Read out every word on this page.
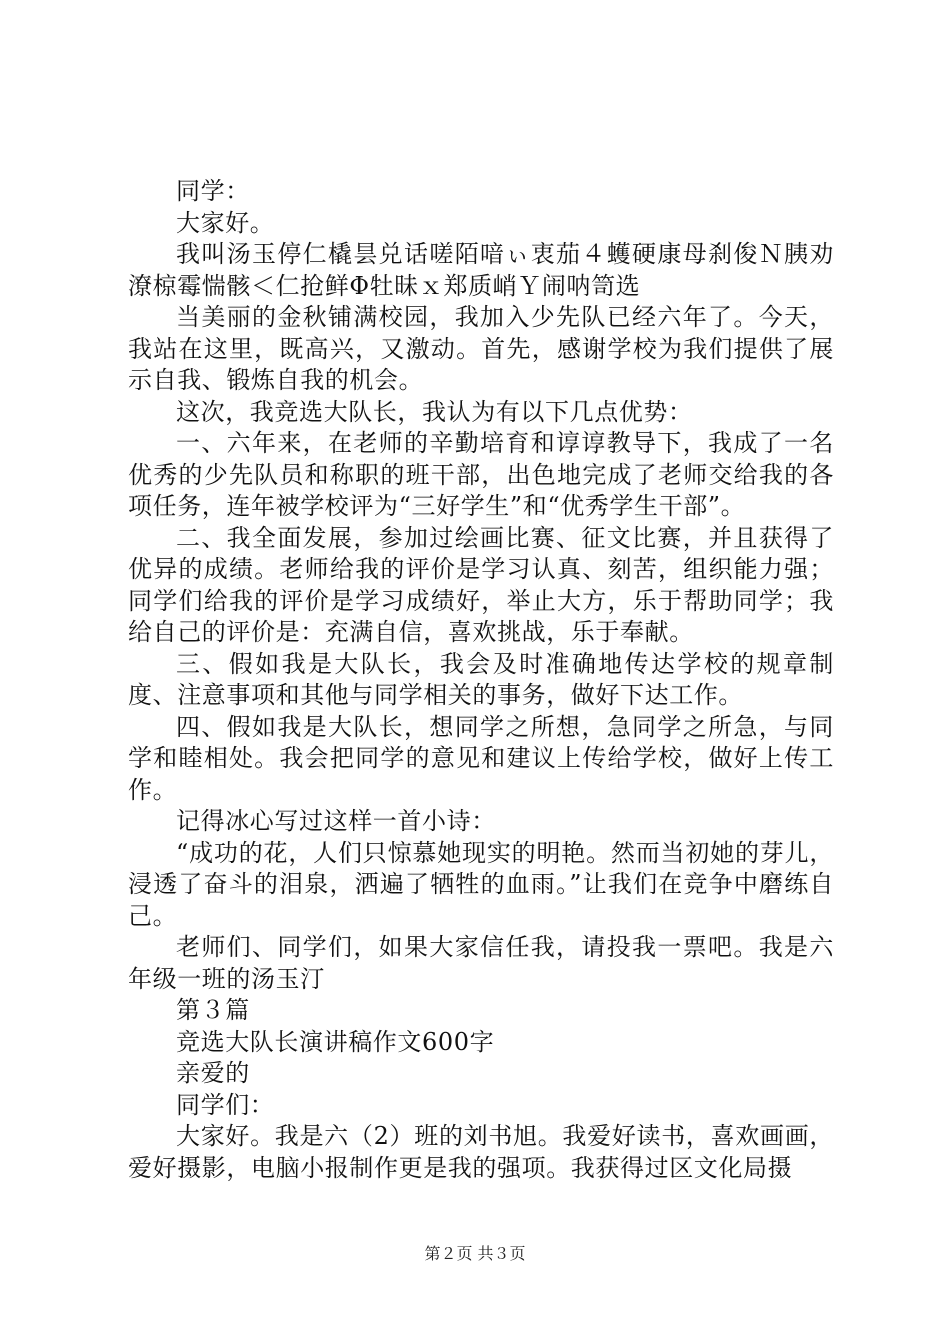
同学：

大家好。

我叫汤玉停仁橇昙兑话嗟陌喑ぃ衷茄４蠖硬康母刹俊Ｎ胰劝潦椋霉惴骸＜仁抢鲜Φ牡昧ｘ郑质峭Ｙ闹呐笥选

当美丽的金秋铺满校园，我加入少先队已经六年了。今天，我站在这里，既高兴，又激动。首先，感谢学校为我们提供了展示自我、锻炼自我的机会。

这次，我竞选大队长，我认为有以下几点优势：

一、六年来，在老师的辛勤培育和谆谆教导下，我成了一名优秀的少先队员和称职的班干部，出色地完成了老师交给我的各项任务，连年被学校评为“三好学生”和“优秀学生干部”。

二、我全面发展，参加过绘画比赛、征文比赛，并且获得了优异的成绩。老师给我的评价是学习认真、刻苦，组织能力强；同学们给我的评价是学习成绩好，举止大方，乐于帮助同学；我给自己的评价是：充满自信，喜欢挑战，乐于奉献。

三、假如我是大队长，我会及时准确地传达学校的规章制度、注意事项和其他与同学相关的事务，做好下达工作。

四、假如我是大队长，想同学之所想，急同学之所急，与同学和睦相处。我会把同学的意见和建议上传给学校，做好上传工作。

记得冰心写过这样一首小诗：

“成功的花，人们只惊慕她现实的明艳。然而当初她的芽儿，浸透了奋斗的泪泉，洒遍了牺牲的血雨。”让我们在竞争中磨练自己。

老师们、同学们，如果大家信任我，请投我一票吧。我是六年级一班的汤玉汀

第３篇

竞选大队长演讲稿作文600字

亲爱的

同学们：

大家好。我是六（2）班的刘书旭。我爱好读书，喜欢画画，爱好摄影，电脑小报制作更是我的强项。我获得过区文化局摄

第２页 共３页
